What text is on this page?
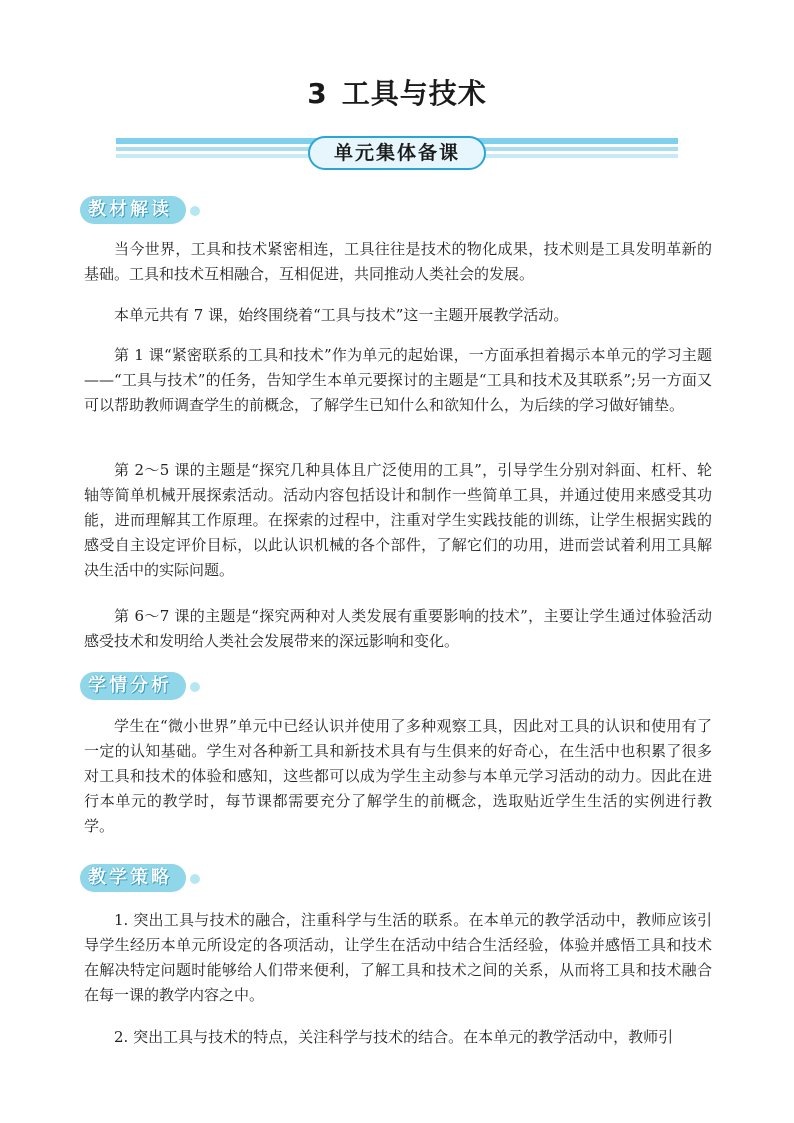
3 工具与技术
单元集体备课
教材解读

当今世界，工具和技术紧密相连，工具往往是技术的物化成果，技术则是工具发明革新的基础。工具和技术互相融合，互相促进，共同推动人类社会的发展。

本单元共有 7 课，始终围绕着“工具与技术”这一主题开展教学活动。

第 1 课“紧密联系的工具和技术”作为单元的起始课，一方面承担着揭示本单元的学习主题——“工具与技术”的任务，告知学生本单元要探讨的主题是“工具和技术及其联系”;另一方面又可以帮助教师调查学生的前概念，了解学生已知什么和欲知什么，为后续的学习做好铺垫。

第 2～5 课的主题是“探究几种具体且广泛使用的工具”，引导学生分别对斜面、杠杆、轮轴等简单机械开展探索活动。活动内容包括设计和制作一些简单工具，并通过使用来感受其功能，进而理解其工作原理。在探索的过程中，注重对学生实践技能的训练，让学生根据实践的感受自主设定评价目标，以此认识机械的各个部件，了解它们的功用，进而尝试着利用工具解决生活中的实际问题。

第 6～7 课的主题是“探究两种对人类发展有重要影响的技术”，主要让学生通过体验活动感受技术和发明给人类社会发展带来的深远影响和变化。

学情分析

学生在“微小世界”单元中已经认识并使用了多种观察工具，因此对工具的认识和使用有了一定的认知基础。学生对各种新工具和新技术具有与生俱来的好奇心，在生活中也积累了很多对工具和技术的体验和感知，这些都可以成为学生主动参与本单元学习活动的动力。因此在进行本单元的教学时，每节课都需要充分了解学生的前概念，选取贴近学生生活的实例进行教学。

教学策略

1. 突出工具与技术的融合，注重科学与生活的联系。在本单元的教学活动中，教师应该引导学生经历本单元所设定的各项活动，让学生在活动中结合生活经验，体验并感悟工具和技术在解决特定问题时能够给人们带来便利，了解工具和技术之间的关系，从而将工具和技术融合在每一课的教学内容之中。

2. 突出工具与技术的特点，关注科学与技术的结合。在本单元的教学活动中，教师引
